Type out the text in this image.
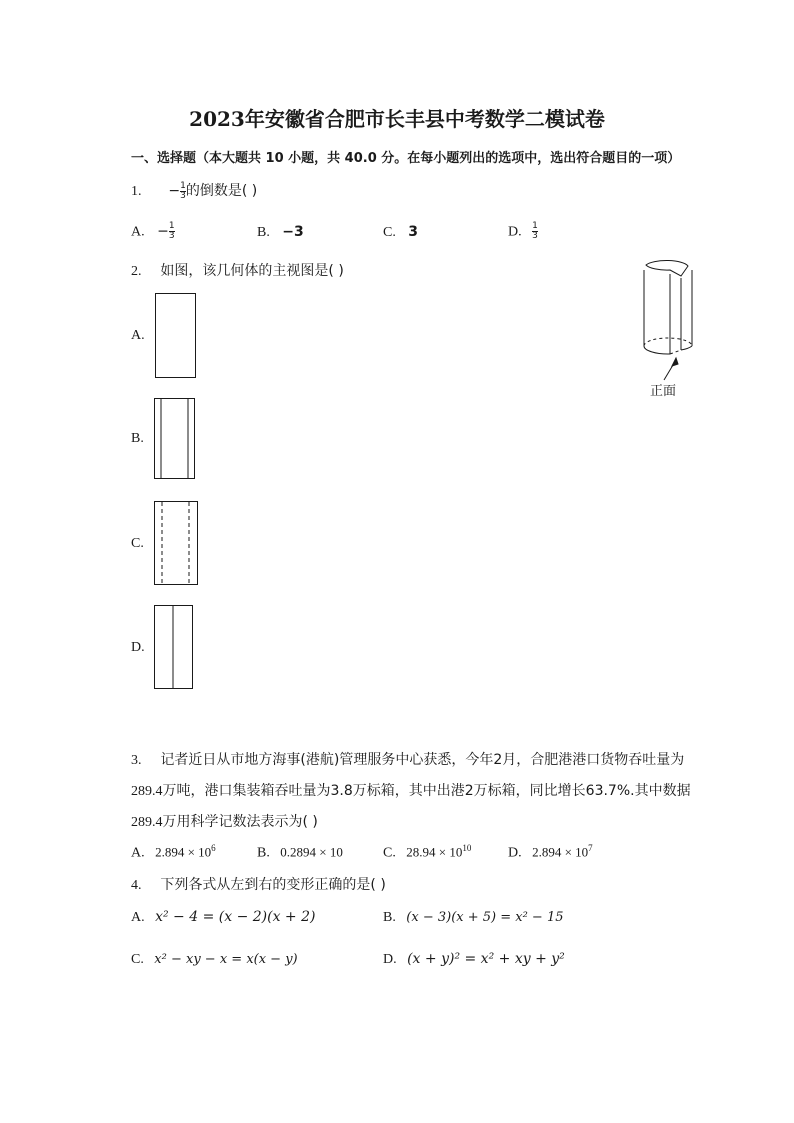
2023年安徽省合肥市长丰县中考数学二模试卷
一、选择题（本大题共 10 小题，共 40.0 分。在每小题列出的选项中，选出符合题目的一项）
1. − $\frac{1}{3}$ 的倒数是( )
A. − $\frac{1}{3}$	B. −3	C. 3	D. $\frac{1}{3}$
2. 如图，该几何体的主视图是( )
正面
A.
B.
C.
D.
3. 记者近日从市地方海事(港航)管理服务中心获悉，今年2月，合肥港港口货物吞吐量为
289.4万吨，港口集装箱吞吐量为3.8万标箱，其中出港2万标箱，同比增长63.7%.其中数据
289.4万用科学记数法表示为( )
A. $2.894 \times 10^6$	B. 0.2894 × 10	C. $28.94 \times 10^{10}$	D. $2.894 \times 10^7$
4. 下列各式从左到右的变形正确的是( )
A. x² − 4 = (x − 2)(x + 2)	B. (x − 3)(x + 5) = x² − 15
C. x² − xy − x = x(x − y)	D. (x + y)² = x² + xy + y²
